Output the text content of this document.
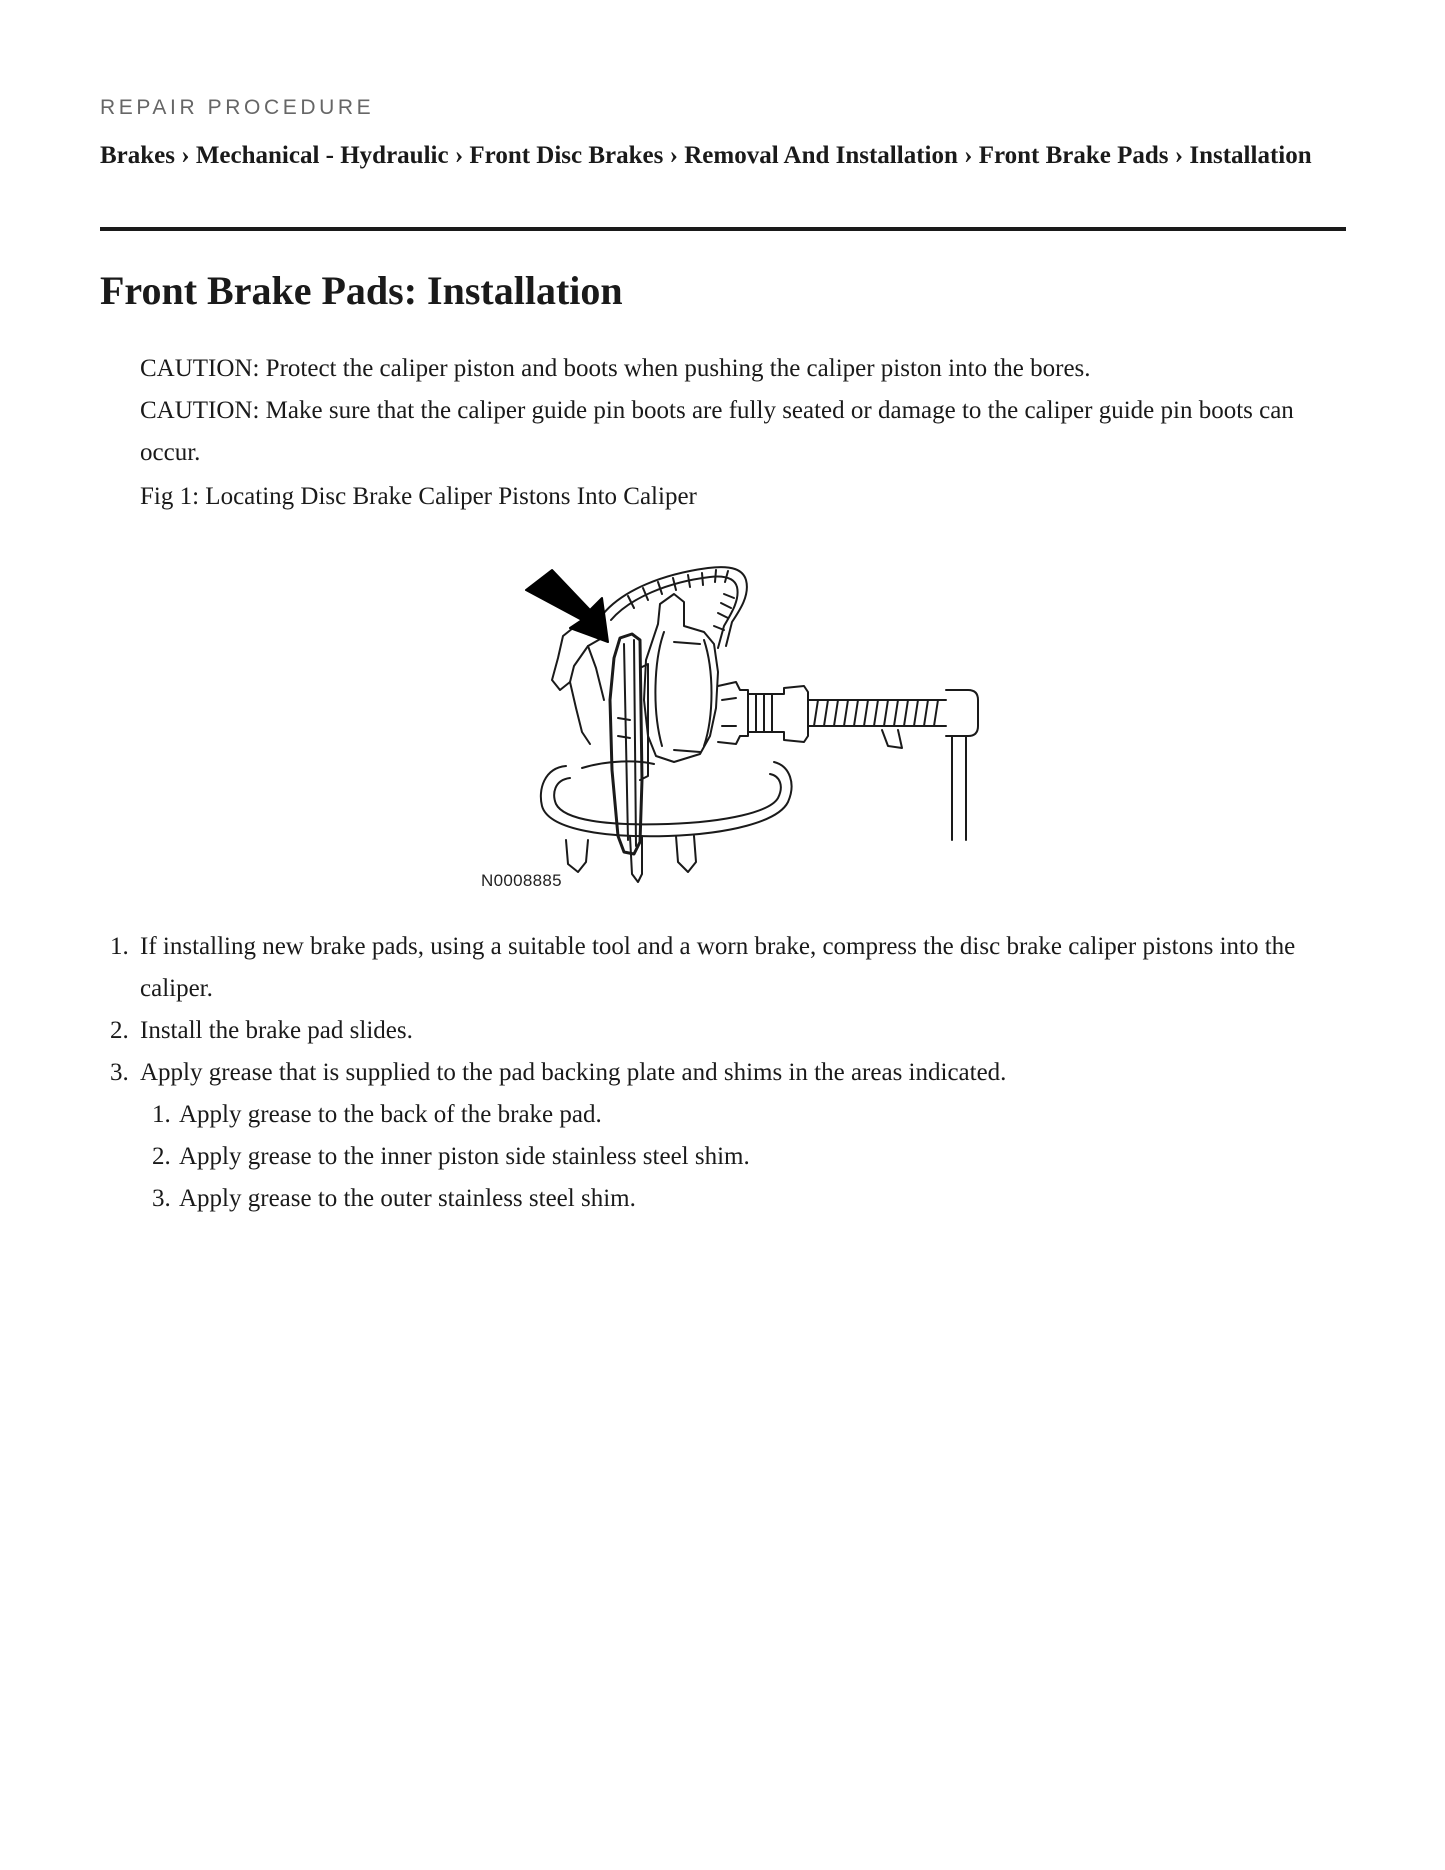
REPAIR PROCEDURE
Brakes › Mechanical - Hydraulic › Front Disc Brakes › Removal And Installation › Front Brake Pads › Installation
Front Brake Pads: Installation
CAUTION: Protect the caliper piston and boots when pushing the caliper piston into the bores.
CAUTION: Make sure that the caliper guide pin boots are fully seated or damage to the caliper guide pin boots can occur.
Fig 1: Locating Disc Brake Caliper Pistons Into Caliper
N0008885
1. If installing new brake pads, using a suitable tool and a worn brake, compress the disc brake caliper pistons into the caliper.
2. Install the brake pad slides.
3. Apply grease that is supplied to the pad backing plate and shims in the areas indicated.
1. Apply grease to the back of the brake pad.
2. Apply grease to the inner piston side stainless steel shim.
3. Apply grease to the outer stainless steel shim.
